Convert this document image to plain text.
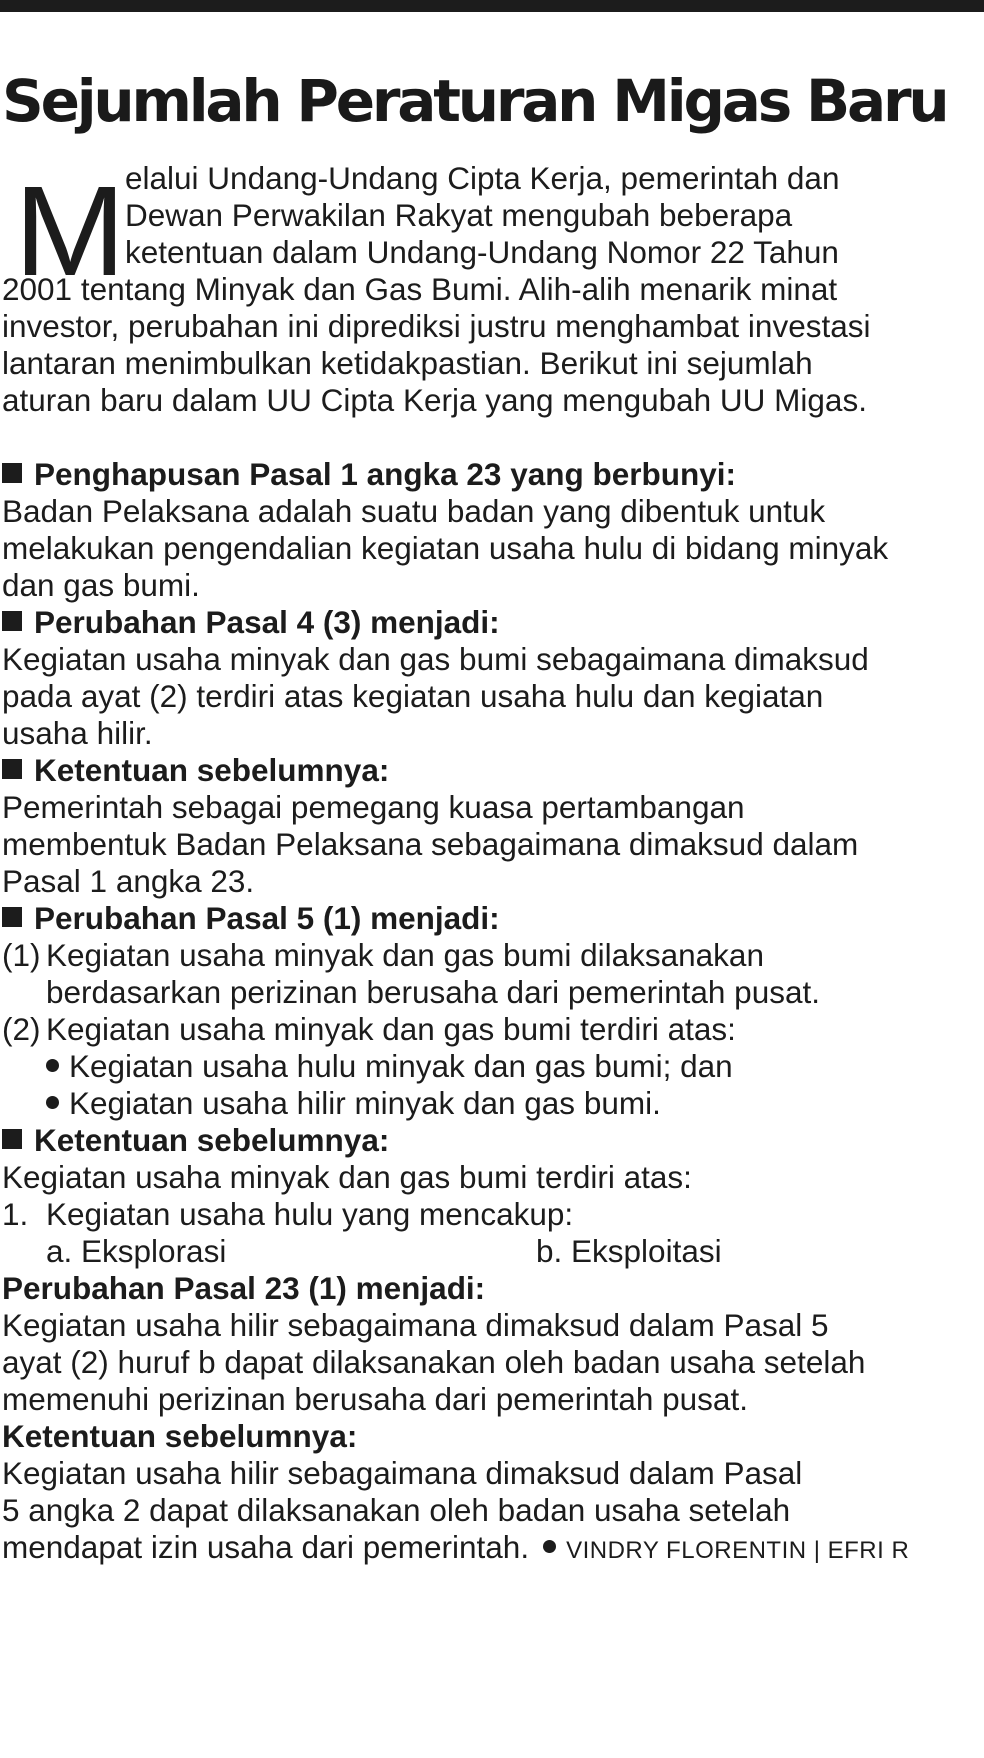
Sejumlah Peraturan Migas Baru
M elalui Undang-Undang Cipta Kerja, pemerintah dan

Dewan Perwakilan Rakyat mengubah beberapa

ketentuan dalam Undang-Undang Nomor 22 Tahun

2001 tentang Minyak dan Gas Bumi. Alih-alih menarik minat

investor, perubahan ini diprediksi justru menghambat investasi

lantaran menimbulkan ketidakpastian. Berikut ini sejumlah

aturan baru dalam UU Cipta Kerja yang mengubah UU Migas.

Penghapusan Pasal 1 angka 23 yang berbunyi:

Badan Pelaksana adalah suatu badan yang dibentuk untuk

melakukan pengendalian kegiatan usaha hulu di bidang minyak

dan gas bumi.

Perubahan Pasal 4 (3) menjadi:

Kegiatan usaha minyak dan gas bumi sebagaimana dimaksud

pada ayat (2) terdiri atas kegiatan usaha hulu dan kegiatan

usaha hilir.

Ketentuan sebelumnya:

Pemerintah sebagai pemegang kuasa pertambangan

membentuk Badan Pelaksana sebagaimana dimaksud dalam

Pasal 1 angka 23.

Perubahan Pasal 5 (1) menjadi:

(1) Kegiatan usaha minyak dan gas bumi dilaksanakan

berdasarkan perizinan berusaha dari pemerintah pusat.

(2) Kegiatan usaha minyak dan gas bumi terdiri atas:

Kegiatan usaha hulu minyak dan gas bumi; dan

Kegiatan usaha hilir minyak dan gas bumi.

Ketentuan sebelumnya:

Kegiatan usaha minyak dan gas bumi terdiri atas:

1. Kegiatan usaha hulu yang mencakup:

a. Eksplorasi	b. Eksploitasi

Perubahan Pasal 23 (1) menjadi:

Kegiatan usaha hilir sebagaimana dimaksud dalam Pasal 5

ayat (2) huruf b dapat dilaksanakan oleh badan usaha setelah

memenuhi perizinan berusaha dari pemerintah pusat.

Ketentuan sebelumnya:

Kegiatan usaha hilir sebagaimana dimaksud dalam Pasal

5 angka 2 dapat dilaksanakan oleh badan usaha setelah

mendapat izin usaha dari pemerintah. VINDRY FLORENTIN | EFRI R
